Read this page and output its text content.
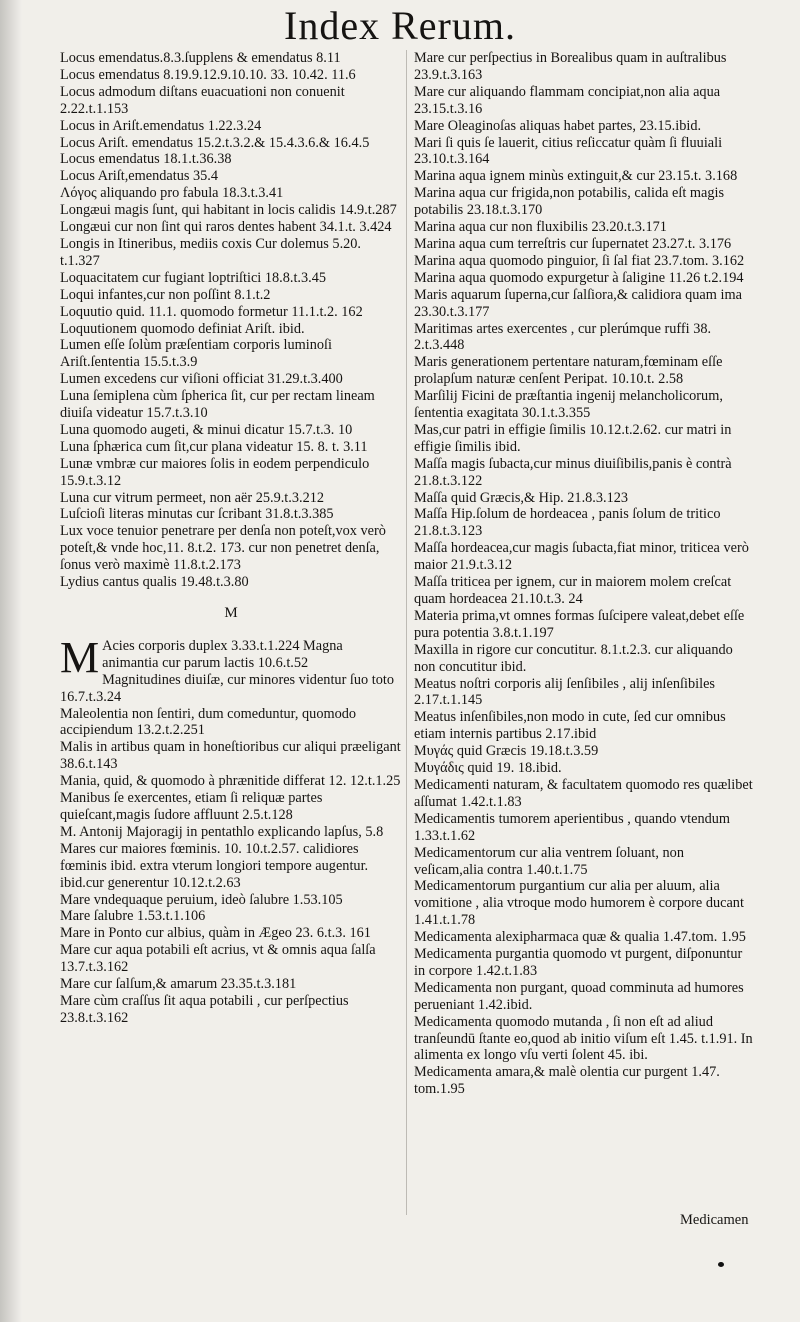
Index Rerum.
Locus emendatus.8.3.ſupplens & emendatus 8.11
Locus emendatus 8.19.9.12.9.10.10. 33. 10.42. 11.6
Locus admodum diſtans euacuationi non conuenit 2.22.t.1.153
Locus in Ariſt.emendatus 1.22.3.24
Locus Ariſt. emendatus 15.2.t.3.2.& 15.4.3.6.& 16.4.5
Locus emendatus 18.1.t.36.38
Locus Ariſt,emendatus 35.4
Λόγος aliquando pro fabula 18.3.t.3.41
Longæui magis ſunt, qui habitant in locis calidis 14.9.t.287
Longæui cur non ſint qui raros dentes habent 34.1.t. 3.424
Longis in Itineribus, mediis coxis Cur dolemus 5.20. t.1.327
Loquacitatem cur fugiant loptriſtici 18.8.t.3.45
Loqui infantes,cur non poſſint 8.1.t.2
Loquutio quid. 11.1. quomodo formetur 11.1.t.2. 162
Loquutionem quomodo definiat Ariſt. ibid.
Lumen eſſe ſolùm præſentiam corporis luminoſi Ariſt.ſententia 15.5.t.3.9
Lumen excedens cur viſioni officiat 31.29.t.3.400
Luna ſemiplena cùm ſpherica ſit, cur per rectam lineam diuiſa videatur 15.7.t.3.10
Luna quomodo augeti, & minui dicatur 15.7.t.3. 10
Luna ſphærica cum ſit,cur plana videatur 15. 8. t. 3.11
Lunæ vmbræ cur maiores ſolis in eodem perpendiculo 15.9.t.3.12
Luna cur vitrum permeet, non aër 25.9.t.3.212
Luſcioſi literas minutas cur ſcribant 31.8.t.3.385
Lux voce tenuior penetrare per denſa non poteſt,vox verò poteſt,& vnde hoc,11. 8.t.2. 173. cur non penetret denſa, ſonus verò maximè 11.8.t.2.173
Lydius cantus qualis 19.48.t.3.80
M
M Acies corporis duplex 3.33.t.1.224 Magna animantia cur parum lactis 10.6.t.52
Magnitudines diuiſæ, cur minores videntur ſuo toto 16.7.t.3.24
Maleolentia non ſentiri, dum comeduntur, quomodo accipiendum 13.2.t.2.251
Malis in artibus quam in honeſtioribus cur aliqui præeligant 38.6.t.143
Mania, quid, & quomodo à phrænitide differat 12. 12.t.1.25
Manibus ſe exercentes, etiam ſi reliquæ partes quieſcant,magis ſudore affluunt 2.5.t.128
M. Antonij Majoragij in pentathlo explicando lapſus, 5.8
Mares cur maiores fœminis. 10. 10.t.2.57. calidiores fœminis ibid. extra vterum longiori tempore augentur. ibid.cur generentur 10.12.t.2.63
Mare vndequaque peruium, ideò ſalubre 1.53.105
Mare ſalubre 1.53.t.1.106
Mare in Ponto cur albius, quàm in Ægeo 23. 6.t.3. 161
Mare cur aqua potabili eſt acrius, vt & omnis aqua ſalſa 13.7.t.3.162
Mare cur ſalſum,& amarum 23.35.t.3.181
Mare cùm craſſus ſit aqua potabili , cur perſpectius 23.8.t.3.162
Mare cur perſpectius in Borealibus quam in auſtralibus 23.9.t.3.163
Mare cur aliquando flammam concipiat,non alia aqua 23.15.t.3.16
Mare Oleaginoſas aliquas habet partes, 23.15.ibid.
Mari ſi quis ſe lauerit, citius reſiccatur quàm ſi fluuiali 23.10.t.3.164
Marina aqua ignem minùs extinguit,& cur 23.15.t. 3.168
Marina aqua cur frigida,non potabilis, calida eſt magis potabilis 23.18.t.3.170
Marina aqua cur non fluxibilis 23.20.t.3.171
Marina aqua cum terreſtris cur ſupernatet 23.27.t. 3.176
Marina aqua quomodo pinguior, ſi ſal fiat 23.7.tom. 3.162
Marina aqua quomodo expurgetur à ſaligine 11.26 t.2.194
Maris aquarum ſuperna,cur ſalſiora,& calidiora quam ima 23.30.t.3.177
Maritimas artes exercentes , cur plerúmque ruffi 38. 2.t.3.448
Maris generationem pertentare naturam,fœminam eſſe prolapſum naturæ cenſent Peripat. 10.10.t. 2.58
Marſilij Ficini de præſtantia ingenij melancholicorum, ſententia exagitata 30.1.t.3.355
Mas,cur patri in effigie ſimilis 10.12.t.2.62. cur matri in effigie ſimilis ibid.
Maſſa magis ſubacta,cur minus diuiſibilis,panis è contrà 21.8.t.3.122
Maſſa quid Græcis,& Hip. 21.8.3.123
Maſſa Hip.ſolum de hordeacea , panis ſolum de tritico 21.8.t.3.123
Maſſa hordeacea,cur magis ſubacta,fiat minor, triticea verò maior 21.9.t.3.12
Maſſa triticea per ignem, cur in maiorem molem creſcat quam hordeacea 21.10.t.3. 24
Materia prima,vt omnes formas ſuſcipere valeat,debet eſſe pura potentia 3.8.t.1.197
Maxilla in rigore cur concutitur. 8.1.t.2.3. cur aliquando non concutitur ibid.
Meatus noſtri corporis alij ſenſibiles , alij inſenſibiles 2.17.t.1.145
Meatus inſenſibiles,non modo in cute, ſed cur omnibus etiam internis partibus 2.17.ibid
Μυγάς quid Græcis 19.18.t.3.59
Μυγάδις quid 19. 18.ibid.
Medicamenti naturam, & facultatem quomodo res quælibet aſſumat 1.42.t.1.83
Medicamentis tumorem aperientibus , quando vtendum 1.33.t.1.62
Medicamentorum cur alia ventrem ſoluant, non veſicam,alia contra 1.40.t.1.75
Medicamentorum purgantium cur alia per aluum, alia vomitione , alia vtroque modo humorem è corpore ducant 1.41.t.1.78
Medicamenta alexipharmaca quæ & qualia 1.47.tom. 1.95
Medicamenta purgantia quomodo vt purgent, diſponuntur in corpore 1.42.t.1.83
Medicamenta non purgant, quoad comminuta ad humores perueniant 1.42.ibid.
Medicamenta quomodo mutanda , ſi non eſt ad aliud tranſeundū ſtante eo,quod ab initio viſum eſt 1.45. t.1.91. In alimenta ex longo vſu verti ſolent 45. ibi.
Medicamenta amara,& malè olentia cur purgent 1.47. tom.1.95
Medicamen
